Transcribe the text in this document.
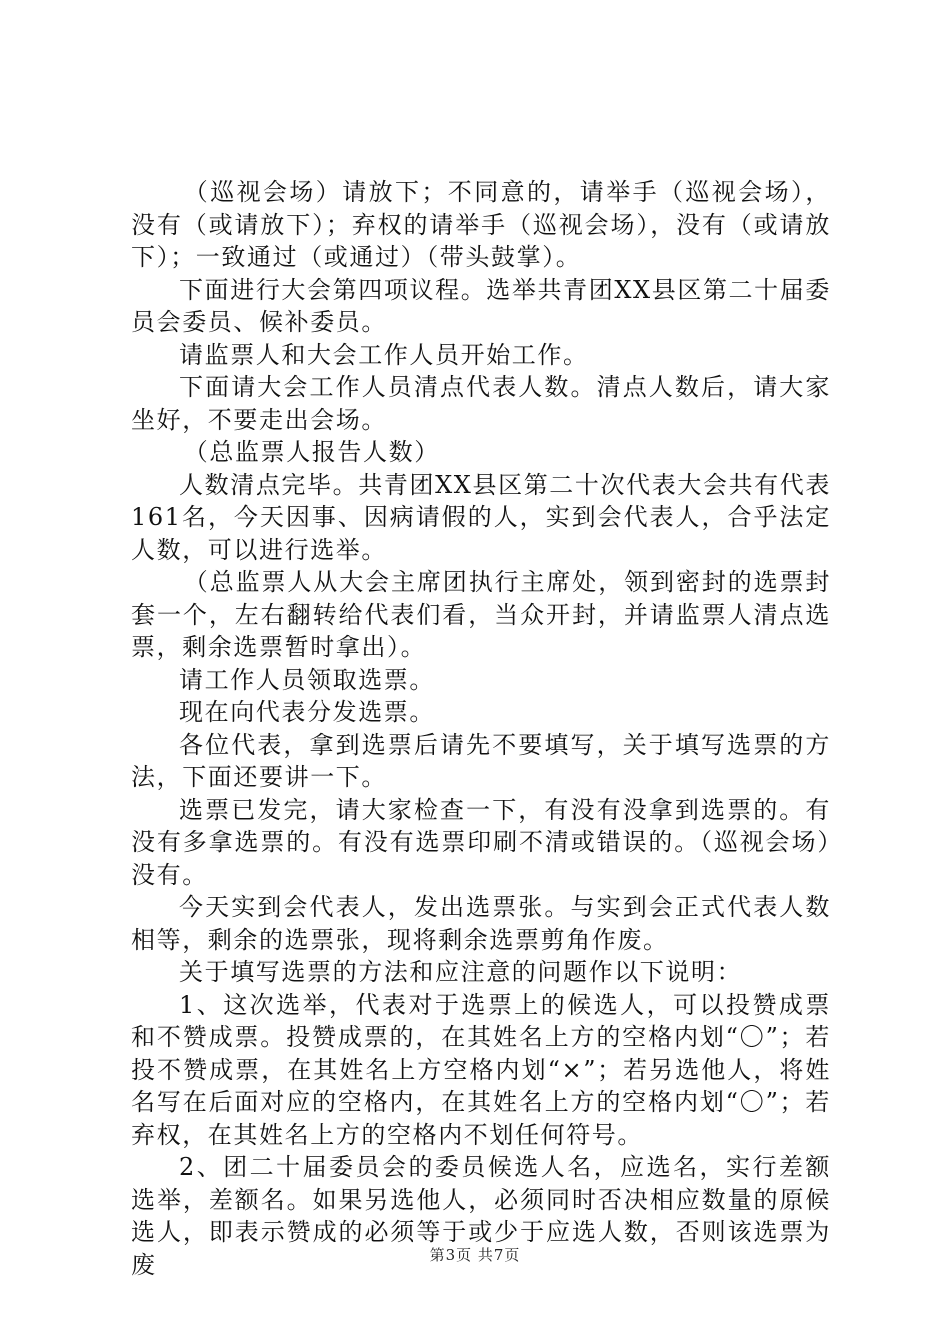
（巡视会场）请放下；不同意的，请举手（巡视会场），没有（或请放下）；弃权的请举手（巡视会场），没有（或请放下）；一致通过（或通过）（带头鼓掌）。

下面进行大会第四项议程。选举共青团XX县区第二十届委员会委员、候补委员。

请监票人和大会工作人员开始工作。

下面请大会工作人员清点代表人数。清点人数后，请大家坐好，不要走出会场。

（总监票人报告人数）

人数清点完毕。共青团XX县区第二十次代表大会共有代表161名，今天因事、因病请假的人，实到会代表人，合乎法定人数，可以进行选举。

（总监票人从大会主席团执行主席处，领到密封的选票封套一个，左右翻转给代表们看，当众开封，并请监票人清点选票，剩余选票暂时拿出）。

请工作人员领取选票。

现在向代表分发选票。

各位代表，拿到选票后请先不要填写，关于填写选票的方法，下面还要讲一下。

选票已发完，请大家检查一下，有没有没拿到选票的。有没有多拿选票的。有没有选票印刷不清或错误的。（巡视会场）没有。

今天实到会代表人，发出选票张。与实到会正式代表人数相等，剩余的选票张，现将剩余选票剪角作废。

关于填写选票的方法和应注意的问题作以下说明：

1、这次选举，代表对于选票上的候选人，可以投赞成票和不赞成票。投赞成票的，在其姓名上方的空格内划“〇”；若投不赞成票，在其姓名上方空格内划“×”；若另选他人，将姓名写在后面对应的空格内，在其姓名上方的空格内划“〇”；若弃权，在其姓名上方的空格内不划任何符号。

2、团二十届委员会的委员候选人名，应选名，实行差额选举，差额名。如果另选他人，必须同时否决相应数量的原候选人，即表示赞成的必须等于或少于应选人数，否则该选票为废	第3页 共7页
